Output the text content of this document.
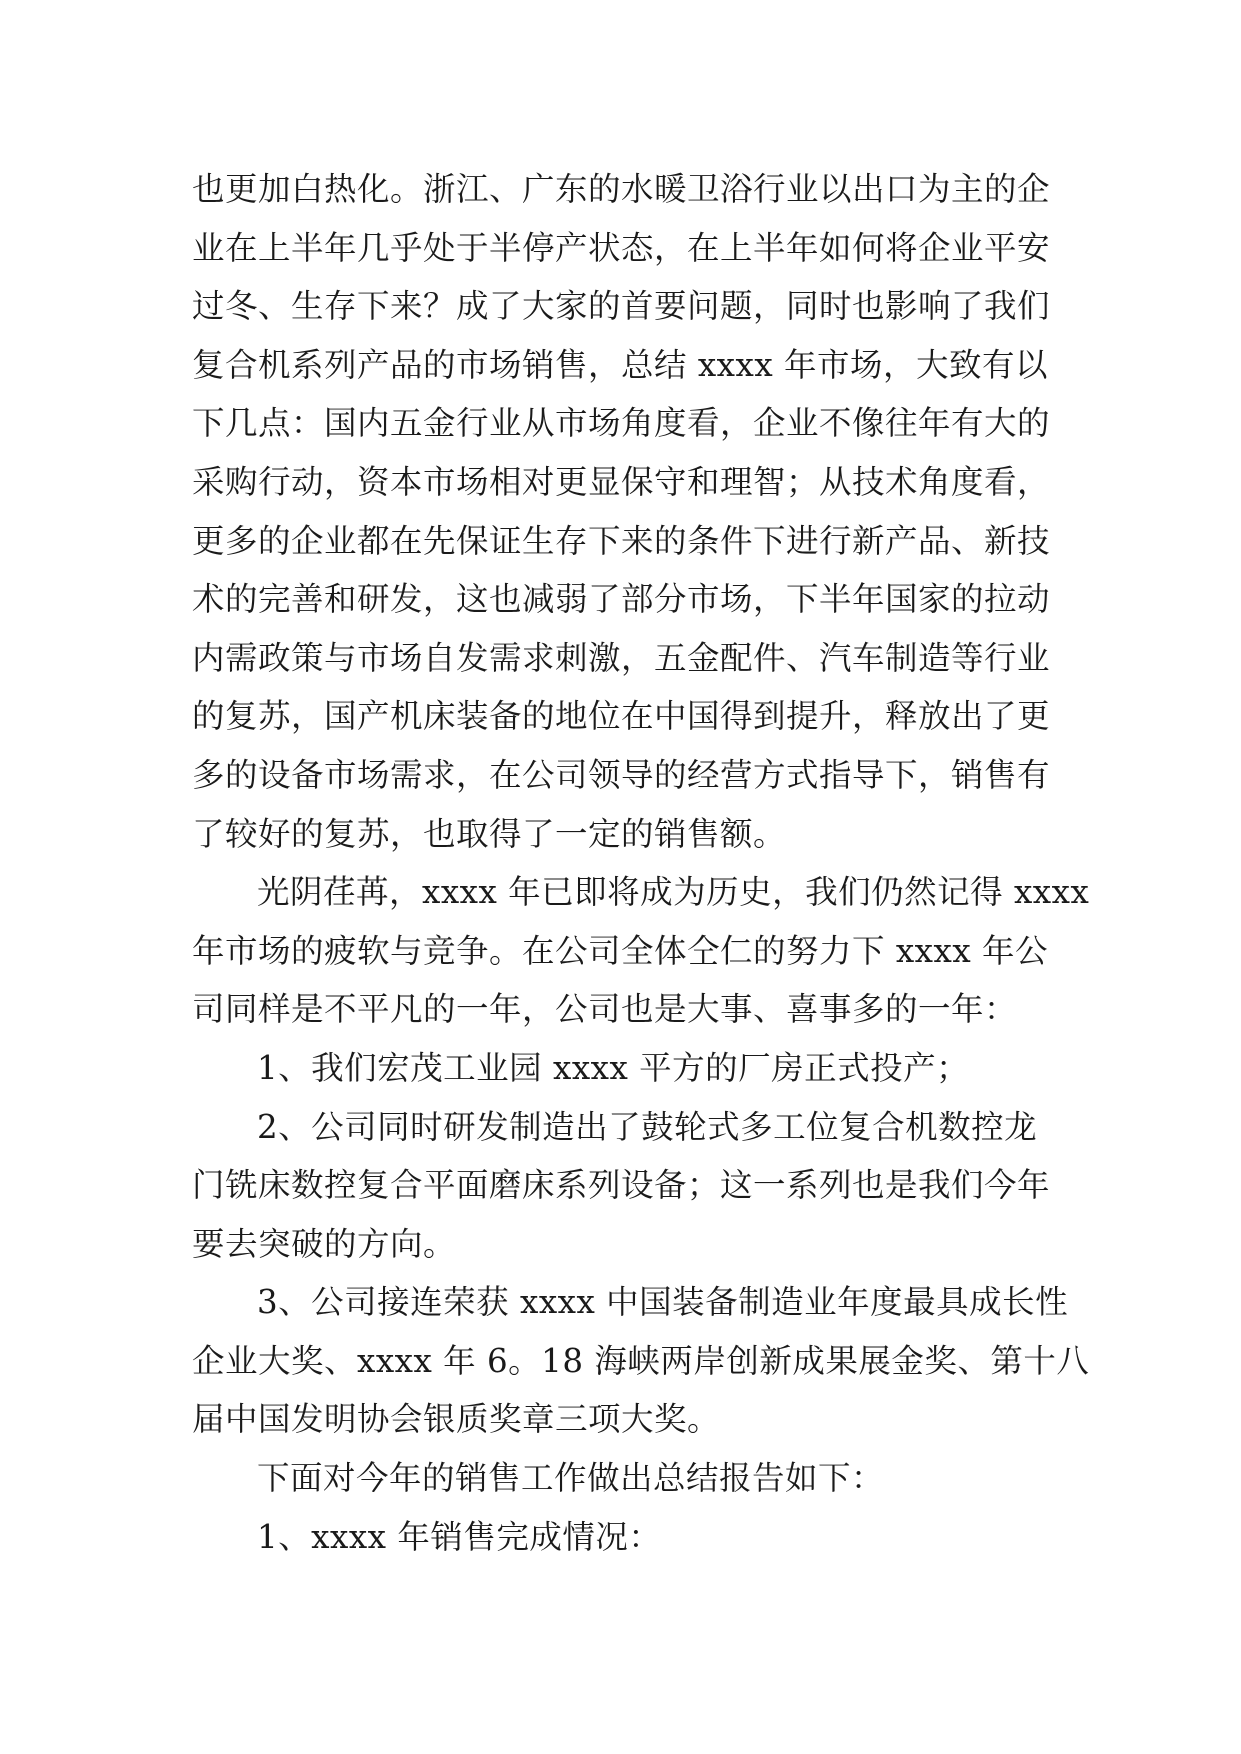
也更加白热化。浙江、广东的水暖卫浴行业以出口为主的企
业在上半年几乎处于半停产状态，在上半年如何将企业平安
过冬、生存下来？成了大家的首要问题，同时也影响了我们
复合机系列产品的市场销售，总结 xxxx 年市场，大致有以
下几点：国内五金行业从市场角度看，企业不像往年有大的
采购行动，资本市场相对更显保守和理智；从技术角度看，
更多的企业都在先保证生存下来的条件下进行新产品、新技
术的完善和研发，这也减弱了部分市场，下半年国家的拉动
内需政策与市场自发需求刺激，五金配件、汽车制造等行业
的复苏，国产机床装备的地位在中国得到提升，释放出了更
多的设备市场需求，在公司领导的经营方式指导下，销售有
了较好的复苏，也取得了一定的销售额。
光阴荏苒，xxxx 年已即将成为历史，我们仍然记得 xxxx
年市场的疲软与竞争。在公司全体仝仁的努力下 xxxx 年公
司同样是不平凡的一年，公司也是大事、喜事多的一年：
1、我们宏茂工业园 xxxx 平方的厂房正式投产；
2、公司同时研发制造出了鼓轮式多工位复合机数控龙
门铣床数控复合平面磨床系列设备；这一系列也是我们今年
要去突破的方向。
3、公司接连荣获 xxxx 中国装备制造业年度最具成长性
企业大奖、xxxx 年 6。18 海峡两岸创新成果展金奖、第十八
届中国发明协会银质奖章三项大奖。
下面对今年的销售工作做出总结报告如下：
1、xxxx 年销售完成情况：
